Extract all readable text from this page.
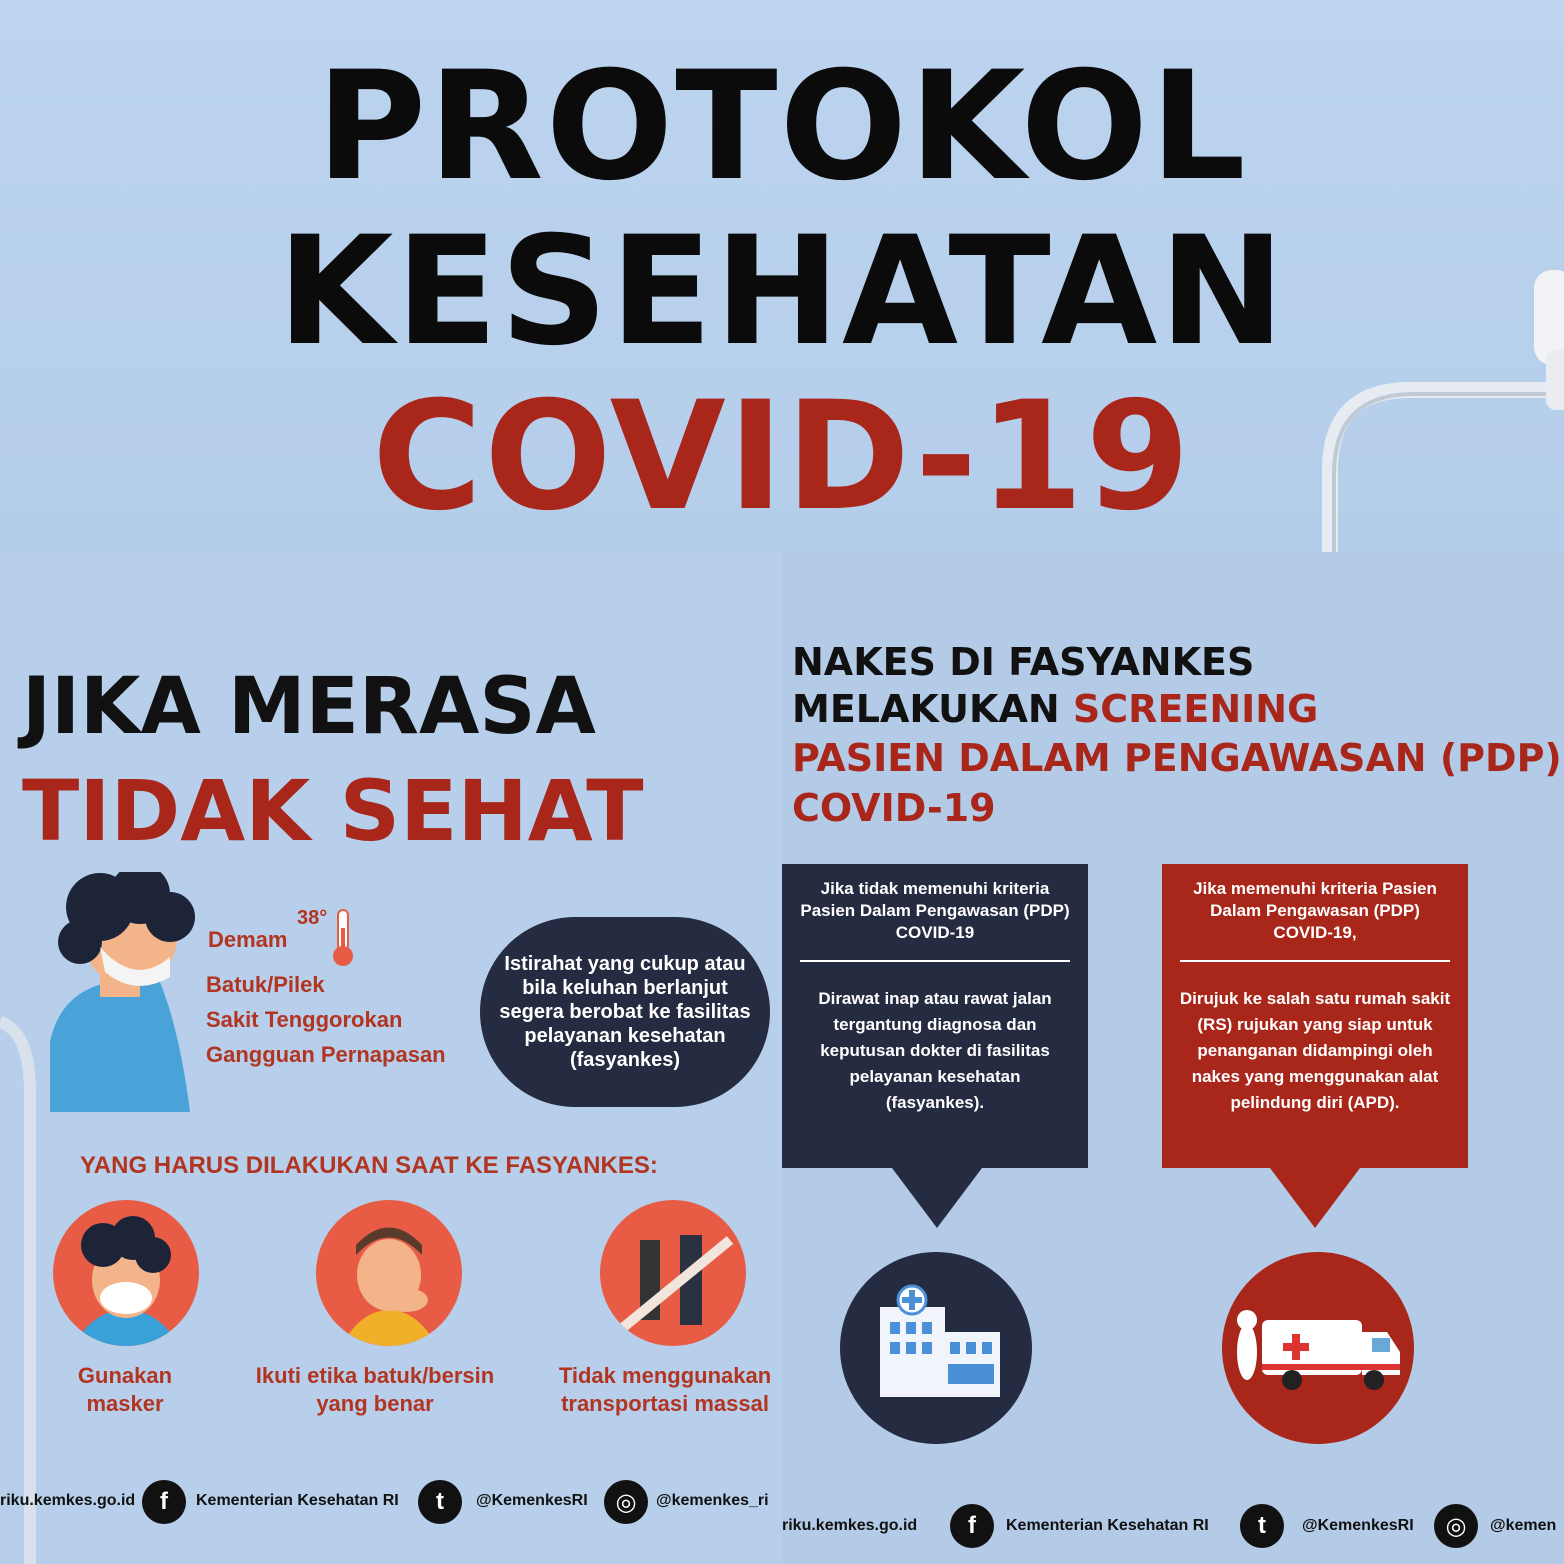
PROTOKOL
KESEHATAN
COVID-19
JIKA MERASA
TIDAK SEHAT
38°
Demam
Batuk/Pilek
Sakit Tenggorokan
Gangguan Pernapasan
Istirahat yang cukup atau bila keluhan berlanjut segera berobat ke fasilitas pelayanan kesehatan (fasyankes)
YANG HARUS DILAKUKAN SAAT KE FASYANKES:
Gunakan masker
Ikuti etika batuk/bersin yang benar
Tidak menggunakan transportasi massal
riku.kemkes.go.id	f	Kementerian Kesehatan RI	t	@KemenkesRI	◎	@kemenkes_ri
NAKES DI FASYANKES
MELAKUKAN SCREENING
PASIEN DALAM PENGAWASAN (PDP)
COVID-19
Jika tidak memenuhi kriteria Pasien Dalam Pengawasan (PDP) COVID-19
Dirawat inap atau rawat jalan tergantung diagnosa dan keputusan dokter di fasilitas pelayanan kesehatan (fasyankes).
Jika memenuhi kriteria Pasien Dalam Pengawasan (PDP) COVID-19,
Dirujuk ke salah satu rumah sakit (RS) rujukan yang siap untuk penanganan didampingi oleh nakes yang menggunakan alat pelindung diri (APD).
riku.kemkes.go.id	f	Kementerian Kesehatan RI	t	@KemenkesRI	◎	@kemen
